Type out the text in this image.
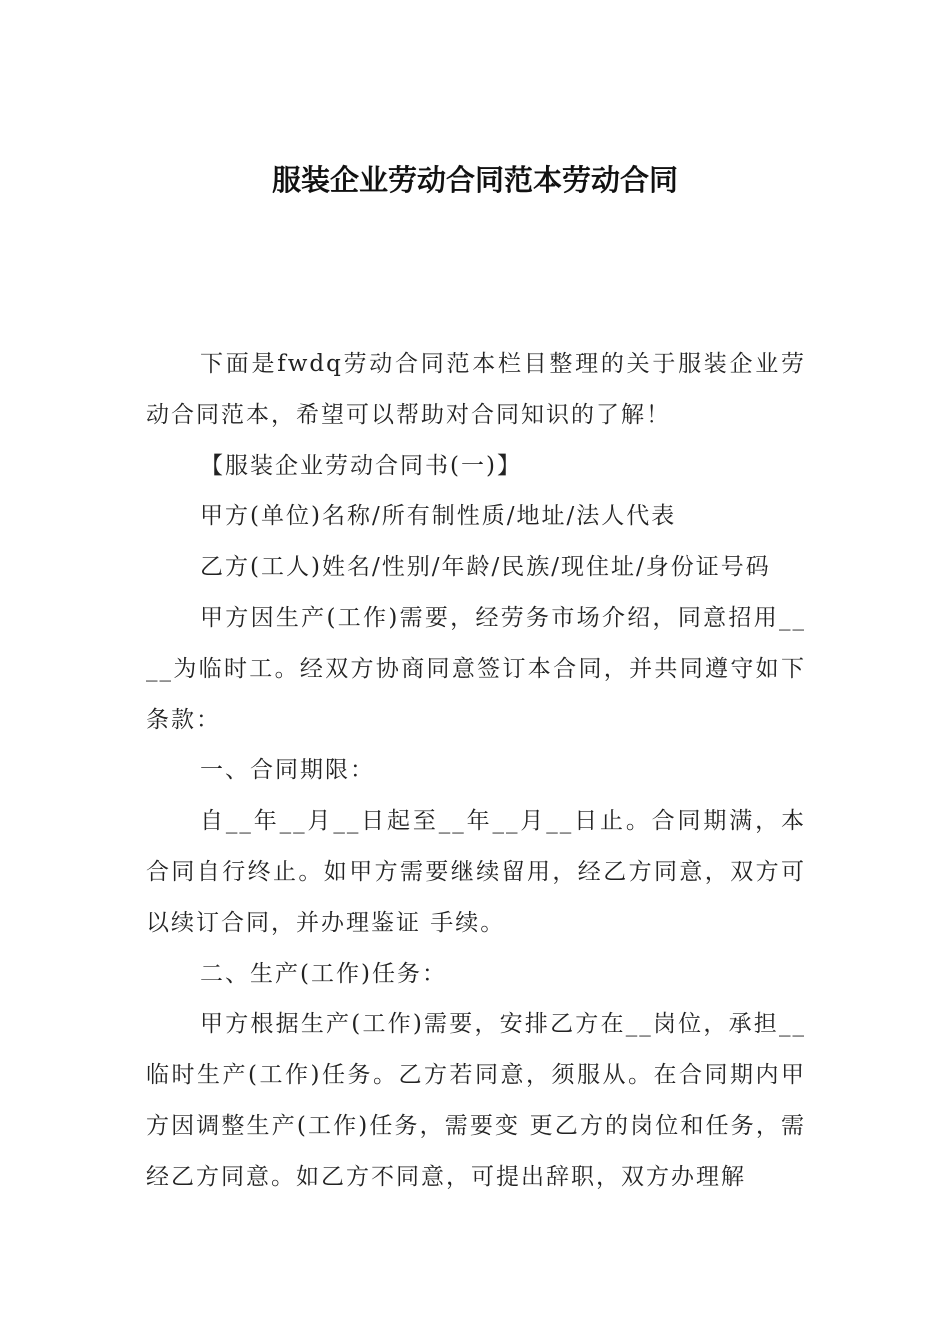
服装企业劳动合同范本劳动合同

下面是fwdq劳动合同范本栏目整理的关于服装企业劳动合同范本，希望可以帮助对合同知识的了解！

【服装企业劳动合同书(一)】

甲方(单位)名称/所有制性质/地址/法人代表

乙方(工人)姓名/性别/年龄/民族/现住址/身份证号码

甲方因生产(工作)需要，经劳务市场介绍，同意招用____为临时工。经双方协商同意签订本合同，并共同遵守如下条款：

一、合同期限：

自__年__月__日起至__年__月__日止。合同期满，本合同自行终止。如甲方需要继续留用，经乙方同意，双方可以续订合同，并办理鉴证 手续。

二、生产(工作)任务：

甲方根据生产(工作)需要，安排乙方在__岗位，承担__临时生产(工作)任务。乙方若同意，须服从。在合同期内甲方因调整生产(工作)任务，需要变 更乙方的岗位和任务，需经乙方同意。如乙方不同意，可提出辞职，双方办理解
